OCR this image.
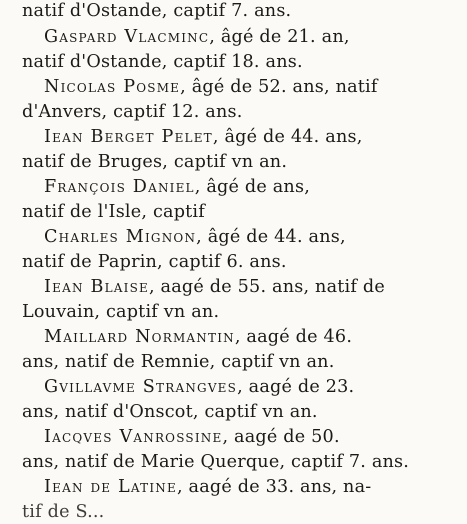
natif d'Ostande, captif 7. ans.
Gaspard Vlacminc, âgé de 21. an,
natif d'Ostande, captif 18. ans.
Nicolas Posme, âgé de 52. ans, natif
d'Anvers, captif 12. ans.
Iean Berget Pelet, âgé de 44. ans,
natif de Bruges, captif vn an.
François Daniel, âgé de ans,
natif de l'Isle, captif
Charles Mignon, âgé de 44. ans,
natif de Paprin, captif 6. ans.
Iean Blaise, aagé de 55. ans, natif de
Louvain, captif vn an.
Maillard Normantin, aagé de 46.
ans, natif de Remnie, captif vn an.
Gvillavme Strangves, aagé de 23.
ans, natif d'Onscot, captif vn an.
Iacqves Vanrossine, aagé de 50.
ans, natif de Marie Querque, captif 7. ans.
Iean de Latine, aagé de 33. ans, na-
tif de S...
